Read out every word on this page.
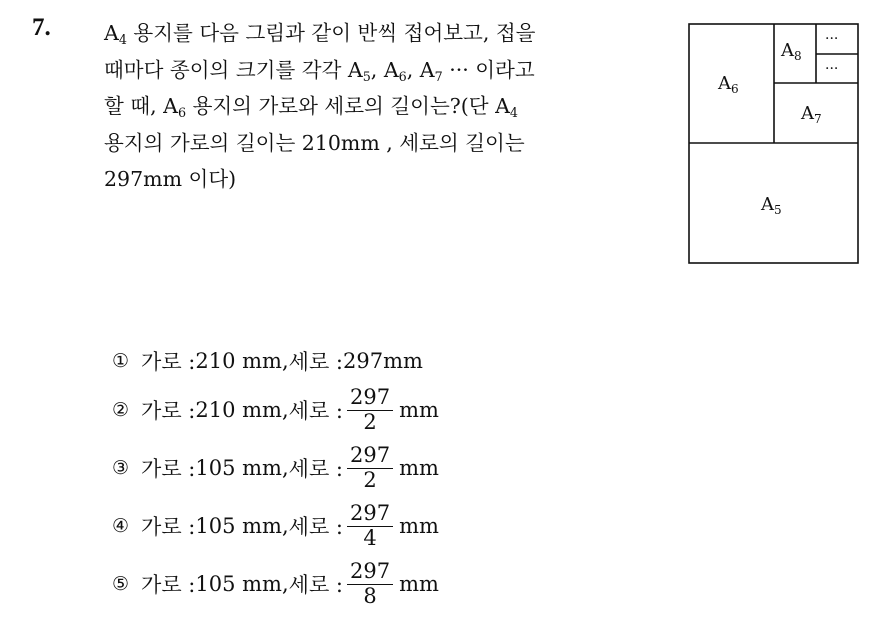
7.	$A_4$ 용지를 다음 그림과 같이 반씩 접어보고, 접을
때마다 종이의 크기를 각각 $A_5$, $A_6$, $A_7$ ··· 이라고
할 때, $A_6$ 용지의 가로와 세로의 길이는?(단 $A_4$
용지의 가로의 길이는 210mm , 세로의 길이는
297mm 이다)
$A_5$
$A_6$
$A_7$
$A_8$
···
···
① 가로 : 210 mm , 세로 : 297 mm
② 가로 : 210 mm , 세로 : $\frac{297}{2}$ mm
③ 가로 : 105 mm , 세로 : $\frac{297}{2}$ mm
④ 가로 : 105 mm , 세로 : $\frac{297}{4}$ mm
⑤ 가로 : 105 mm , 세로 : $\frac{297}{8}$ mm
